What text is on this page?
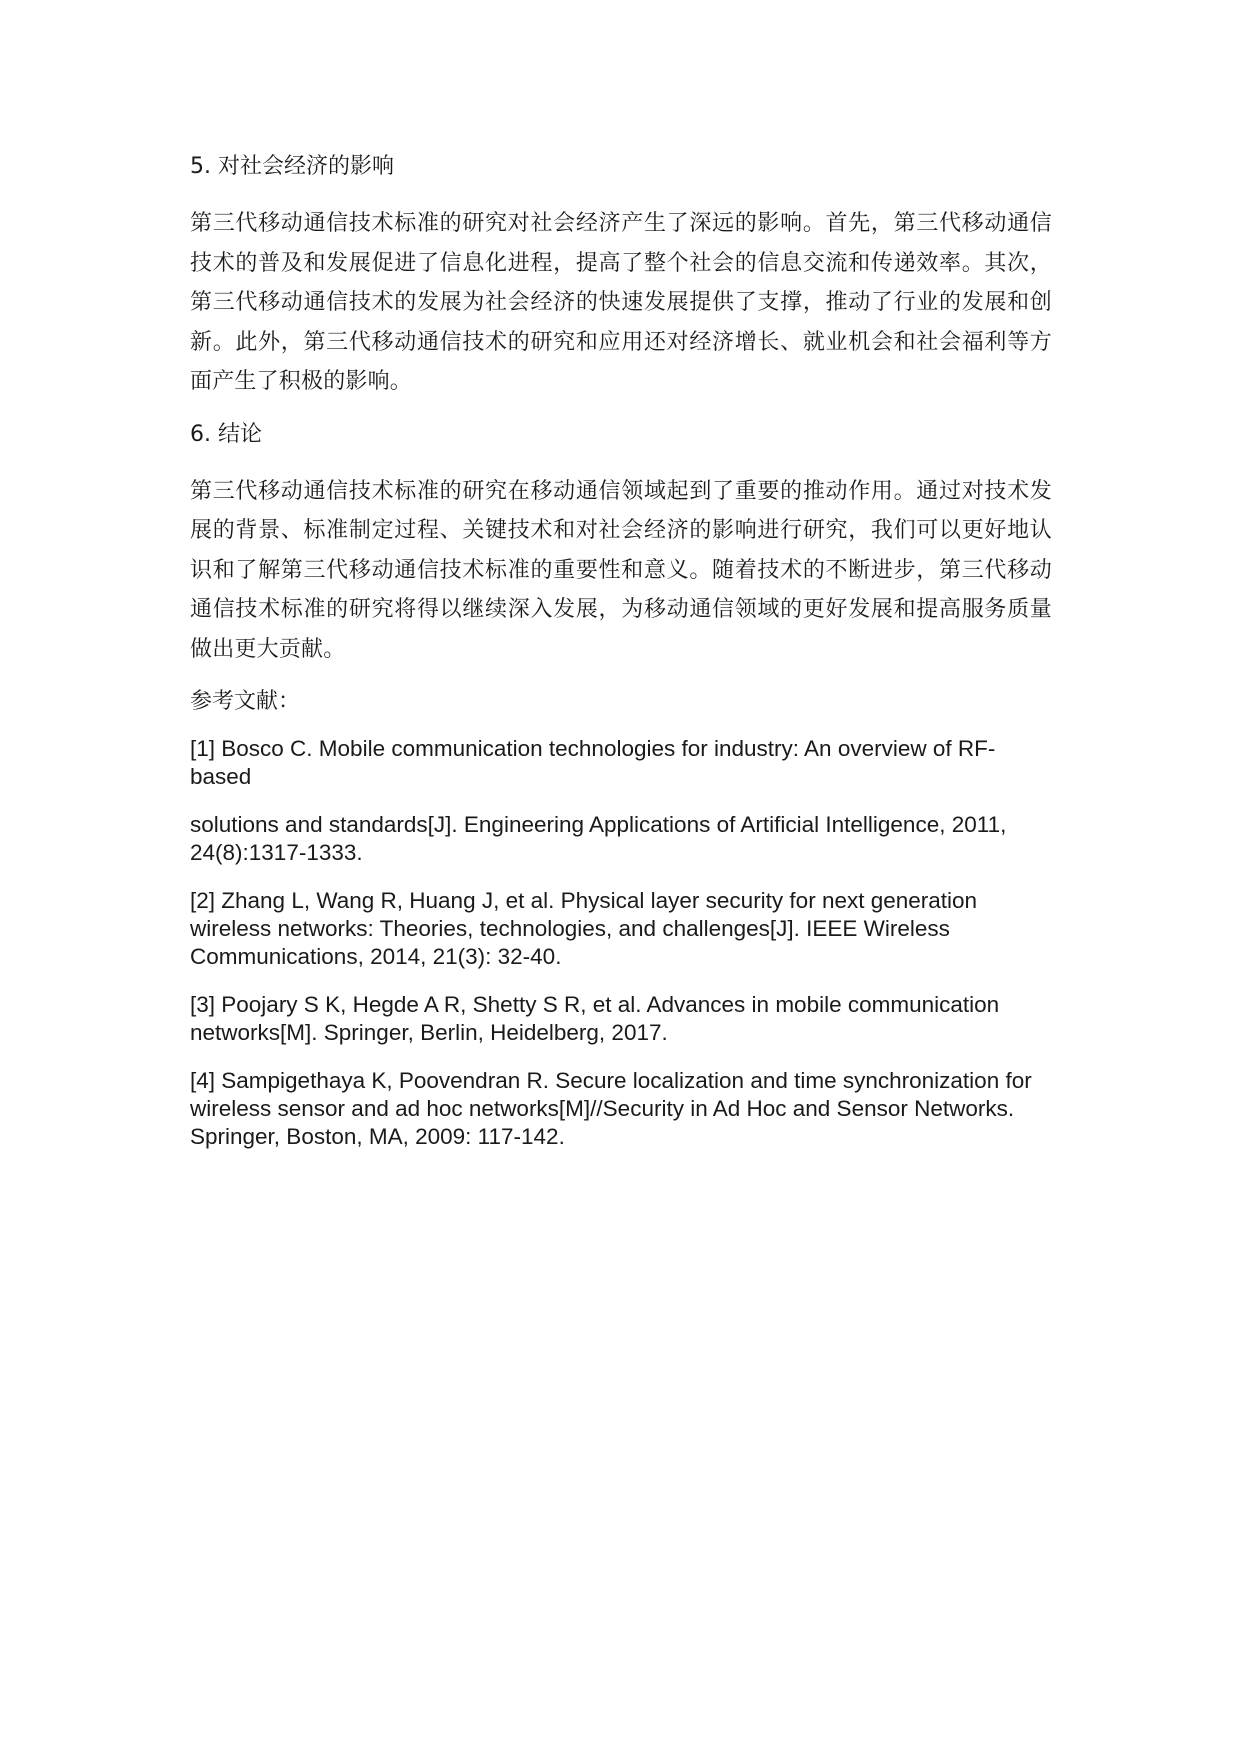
5. 对社会经济的影响

第三代移动通信技术标准的研究对社会经济产生了深远的影响。首先，第三代移动通信技术的普及和发展促进了信息化进程，提高了整个社会的信息交流和传递效率。其次，第三代移动通信技术的发展为社会经济的快速发展提供了支撑，推动了行业的发展和创新。此外，第三代移动通信技术的研究和应用还对经济增长、就业机会和社会福利等方面产生了积极的影响。

6. 结论

第三代移动通信技术标准的研究在移动通信领域起到了重要的推动作用。通过对技术发展的背景、标准制定过程、关键技术和对社会经济的影响进行研究，我们可以更好地认识和了解第三代移动通信技术标准的重要性和意义。随着技术的不断进步，第三代移动通信技术标准的研究将得以继续深入发展，为移动通信领域的更好发展和提高服务质量做出更大贡献。

参考文献：

[1] Bosco C. Mobile communication technologies for industry: An overview of RF-based

solutions and standards[J]. Engineering Applications of Artificial Intelligence, 2011, 24(8):1317-1333.

[2] Zhang L, Wang R, Huang J, et al. Physical layer security for next generation wireless networks: Theories, technologies, and challenges[J]. IEEE Wireless Communications, 2014, 21(3): 32-40.

[3] Poojary S K, Hegde A R, Shetty S R, et al. Advances in mobile communication networks[M]. Springer, Berlin, Heidelberg, 2017.

[4] Sampigethaya K, Poovendran R. Secure localization and time synchronization for wireless sensor and ad hoc networks[M]//Security in Ad Hoc and Sensor Networks. Springer, Boston, MA, 2009: 117-142.
